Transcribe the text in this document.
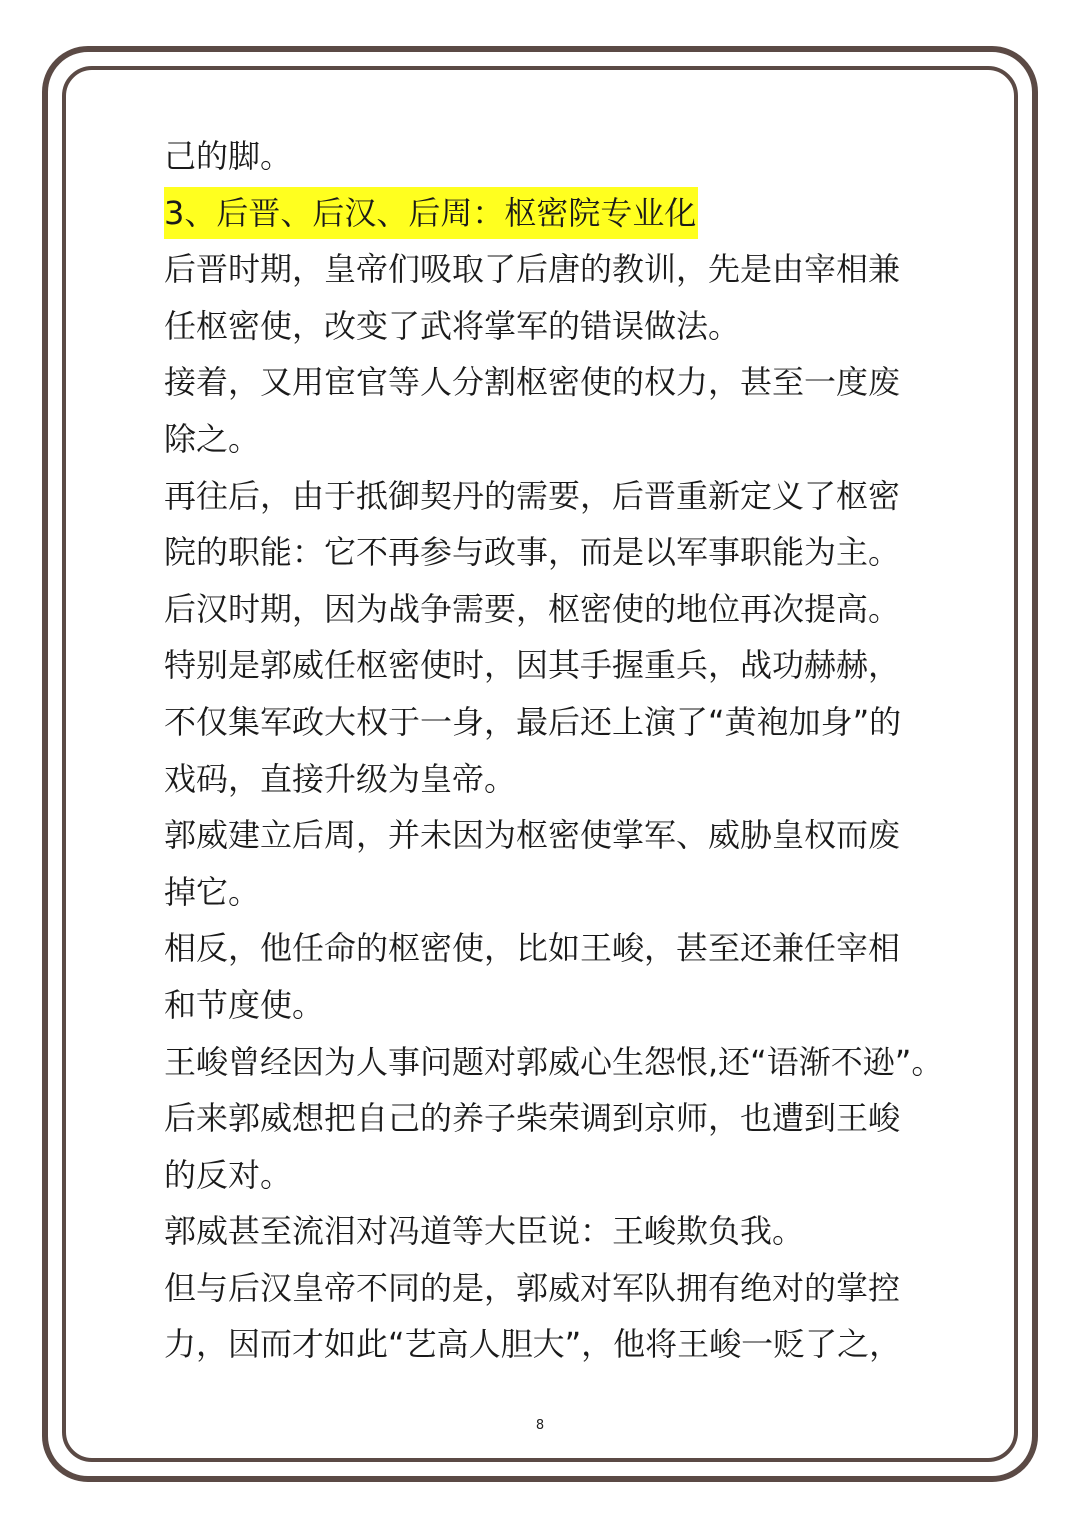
己的脚。
3、后晋、后汉、后周：枢密院专业化
后晋时期，皇帝们吸取了后唐的教训，先是由宰相兼
任枢密使，改变了武将掌军的错误做法。
接着，又用宦官等人分割枢密使的权力，甚至一度废
除之。
再往后，由于抵御契丹的需要，后晋重新定义了枢密
院的职能：它不再参与政事，而是以军事职能为主。
后汉时期，因为战争需要，枢密使的地位再次提高。
特别是郭威任枢密使时，因其手握重兵，战功赫赫，
不仅集军政大权于一身，最后还上演了“黄袍加身”的
戏码，直接升级为皇帝。
郭威建立后周，并未因为枢密使掌军、威胁皇权而废
掉它。
相反，他任命的枢密使，比如王峻，甚至还兼任宰相
和节度使。
王峻曾经因为人事问题对郭威心生怨恨,还“语渐不逊”。
后来郭威想把自己的养子柴荣调到京师，也遭到王峻
的反对。
郭威甚至流泪对冯道等大臣说：王峻欺负我。
但与后汉皇帝不同的是，郭威对军队拥有绝对的掌控
力，因而才如此“艺高人胆大”，他将王峻一贬了之，
8
